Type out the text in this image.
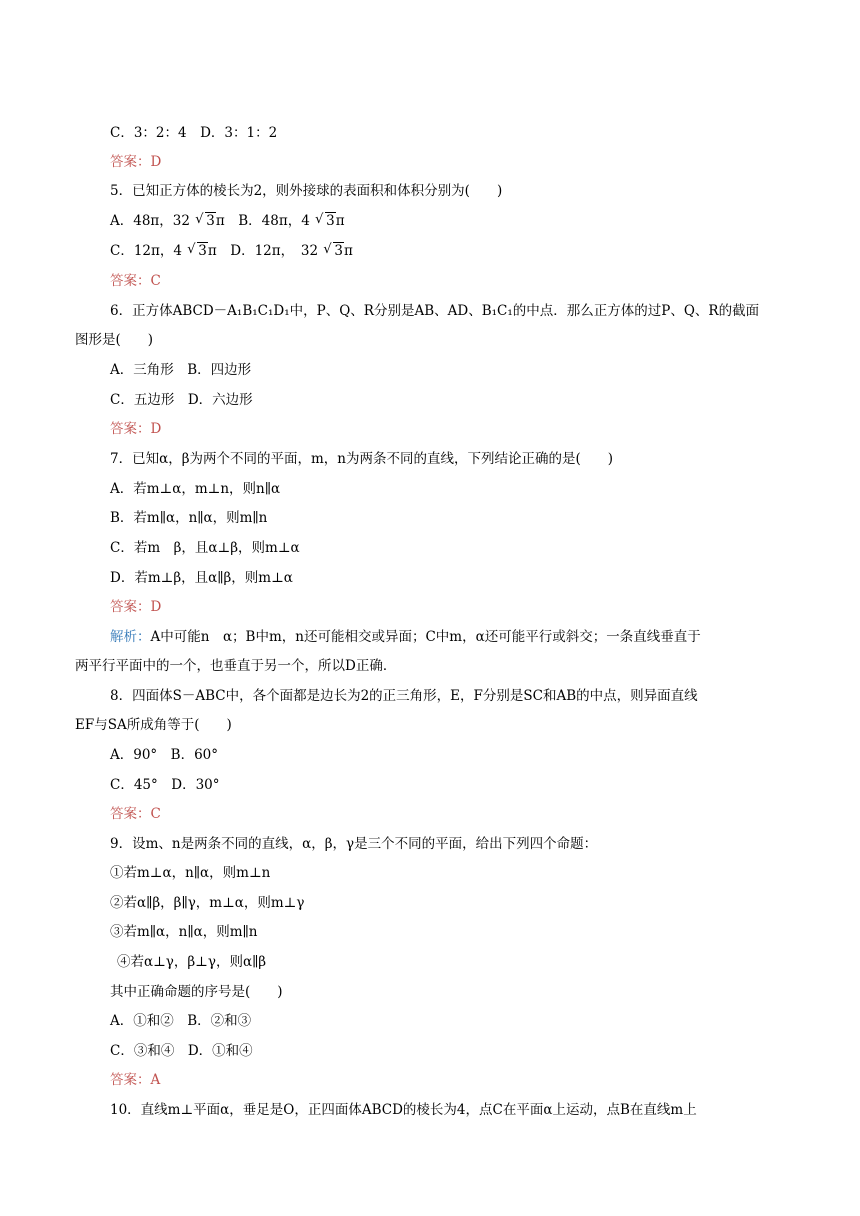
C．3：2：4　D．3：1：2
答案：D
5．已知正方体的棱长为2，则外接球的表面积和体积分别为(　　)
A．48π，32 √ 3π　B．48π，4 √ 3π
C．12π，4 √ 3π　D．12π，　32 √ 3π
答案：C
6．正方体ABCD－A₁B₁C₁D₁中，P、Q、R分别是AB、AD、B₁C₁的中点．那么正方体的过P、Q、R的截面
图形是(　　)
A．三角形　B．四边形
C．五边形　D．六边形
答案：D
7．已知α，β为两个不同的平面，m，n为两条不同的直线，下列结论正确的是(　　)
A．若m⊥α，m⊥n，则n∥α
B．若m∥α，n∥α，则m∥n
C．若m　β，且α⊥β，则m⊥α
D．若m⊥β，且α∥β，则m⊥α
答案：D
解析：A中可能n　α；B中m，n还可能相交或异面；C中m，α还可能平行或斜交；一条直线垂直于
两平行平面中的一个，也垂直于另一个，所以D正确．
8．四面体S－ABC中，各个面都是边长为2的正三角形，E，F分别是SC和AB的中点，则异面直线
EF与SA所成角等于(　　)
A．90°　B．60°
C．45°　D．30°
答案：C
9．设m、n是两条不同的直线，α，β，γ是三个不同的平面，给出下列四个命题：
①若m⊥α，n∥α，则m⊥n
②若α∥β，β∥γ，m⊥α，则m⊥γ
③若m∥α，n∥α，则m∥n
④若α⊥γ，β⊥γ，则α∥β
其中正确命题的序号是(　　)
A．①和②　B．②和③
C．③和④　D．①和④
答案：A
10．直线m⊥平面α，垂足是O，正四面体ABCD的棱长为4，点C在平面α上运动，点B在直线m上
